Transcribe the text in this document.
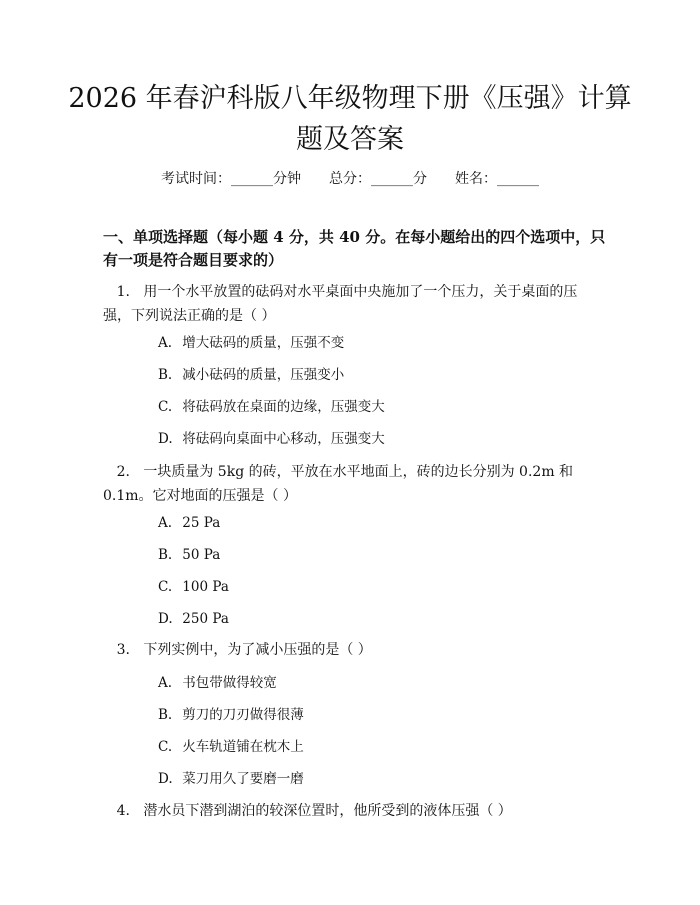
2026 年春沪科版八年级物理下册《压强》计算题及答案
考试时间：______分钟 总分：______分 姓名：______
一、单项选择题（每小题 4 分，共 40 分。在每小题给出的四个选项中，只有一项是符合题目要求的）
1. 用一个水平放置的砝码对水平桌面中央施加了一个压力，关于桌面的压强，下列说法正确的是（ ）
A. 增大砝码的质量，压强不变
B. 减小砝码的质量，压强变小
C. 将砝码放在桌面的边缘，压强变大
D. 将砝码向桌面中心移动，压强变大
2. 一块质量为 5kg 的砖，平放在水平地面上，砖的边长分别为 0.2m 和 0.1m。它对地面的压强是（ ）
A. 25 Pa
B. 50 Pa
C. 100 Pa
D. 250 Pa
3. 下列实例中，为了减小压强的是（ ）
A. 书包带做得较宽
B. 剪刀的刀刃做得很薄
C. 火车轨道铺在枕木上
D. 菜刀用久了要磨一磨
4. 潜水员下潜到湖泊的较深位置时，他所受到的液体压强（ ）
